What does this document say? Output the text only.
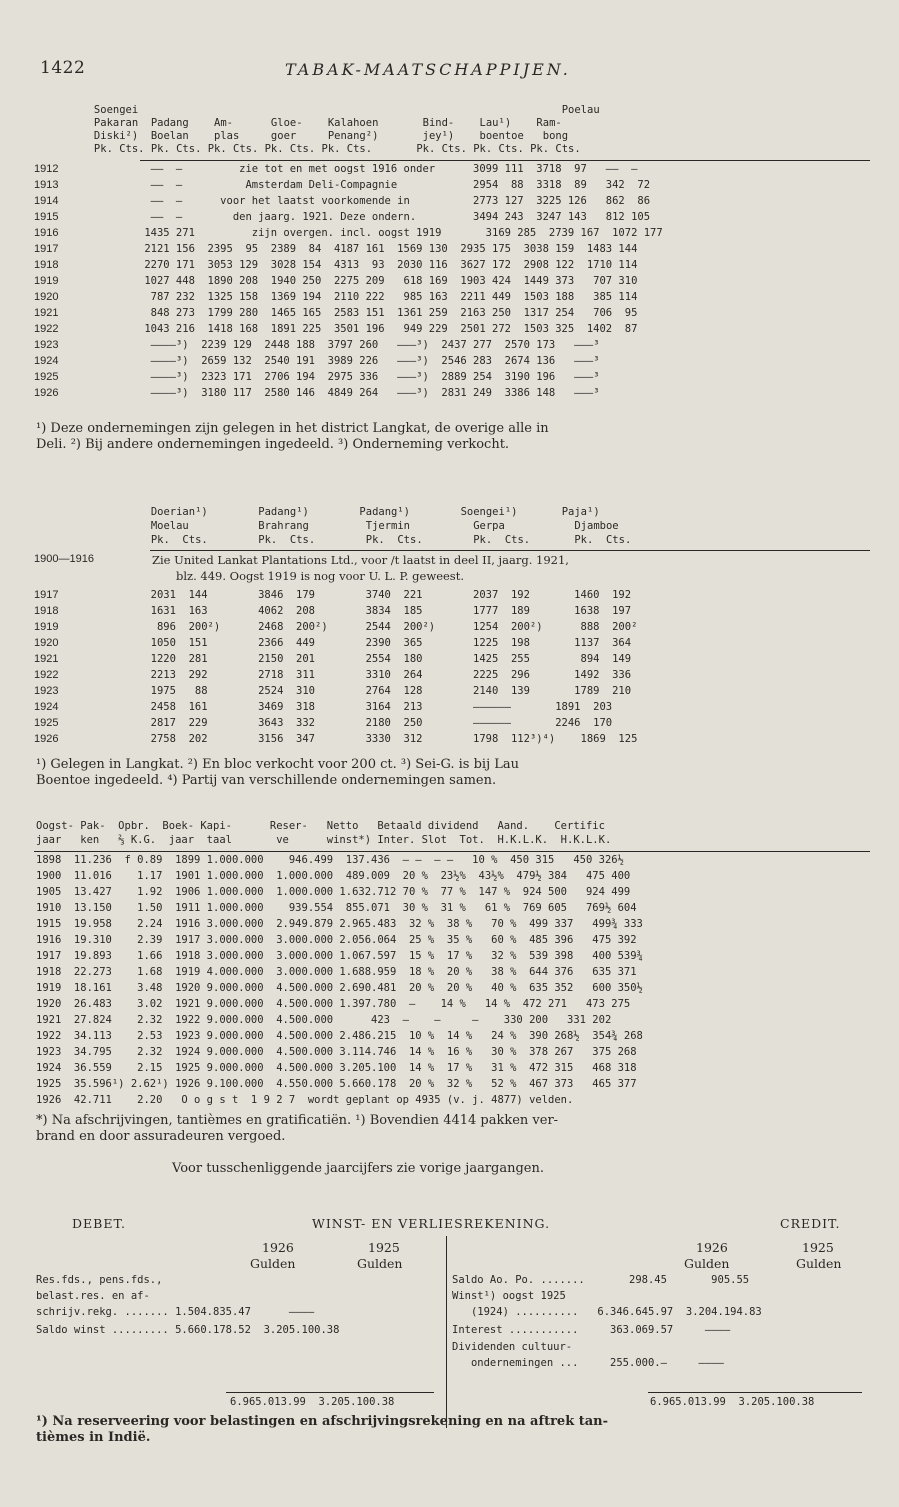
1422	TABAK-MAATSCHAPPIJEN.
Soengei                                                                   Poelau
Pakaran  Padang    Am-      Gloe-    Kalahoen       Bind-    Lau¹)    Ram-
Diski²)  Boelan    plas     goer     Penang²)       jey¹)    boentoe   bong
Pk. Cts. Pk. Cts. Pk. Cts. Pk. Cts. Pk. Cts.       Pk. Cts. Pk. Cts. Pk. Cts.
1912	——  —         zie tot en met oogst 1916 onder      3099 111  3718  97   ——  —
1913	——  —          Amsterdam Deli-Compagnie            2954  88  3318  89   342  72
1914	——  —      voor het laatst voorkomende in          2773 127  3225 126   862  86
1915	——  —        den jaarg. 1921. Deze ondern.         3494 243  3247 143   812 105
1916	1435 271         zijn overgen. incl. oogst 1919       3169 285  2739 167  1072 177
1917	2121 156  2395  95  2389  84  4187 161  1569 130  2935 175  3038 159  1483 144
1918	2270 171  3053 129  3028 154  4313  93  2030 116  3627 172  2908 122  1710 114
1919	1027 448  1890 208  1940 250  2275 209   618 169  1903 424  1449 373   707 310
1920	787 232  1325 158  1369 194  2110 222   985 163  2211 449  1503 188   385 114
1921	848 273  1799 280  1465 165  2583 151  1361 259  2163 250  1317 254   706  95
1922	1043 216  1418 168  1891 225  3501 196   949 229  2501 272  1503 325  1402  87
1923	————³)  2239 129  2448 188  3797 260   ———³)  2437 277  2570 173   ———³
1924	————³)  2659 132  2540 191  3989 226   ———³)  2546 283  2674 136   ———³
1925	————³)  2323 171  2706 194  2975 336   ———³)  2889 254  3190 196   ———³
1926	————³)  3180 117  2580 146  4849 264   ———³)  2831 249  3386 148   ———³
¹) Deze ondernemingen zijn gelegen in het district Langkat, de overige alle in
Deli. ²) Bij andere ondernemingen ingedeeld. ³) Onderneming verkocht.
Doerian¹)        Padang¹)        Padang¹)        Soengei¹)       Paja¹)
Moelau           Brahrang         Tjermin          Gerpa           Djamboe
Pk.  Cts.        Pk.  Cts.        Pk.  Cts.        Pk.  Cts.       Pk.  Cts.
1900—1916	Zie United Lankat Plantations Ltd., voor /t laatst in deel II, jaarg. 1921,
blz. 449. Oogst 1919 is nog voor U. L. P. geweest.
1917	2031  144        3846  179        3740  221        2037  192       1460  192
1918	1631  163        4062  208        3834  185        1777  189       1638  197
1919	896  200²)      2468  200²)      2544  200²)      1254  200²)      888  200²
1920	1050  151        2366  449        2390  365        1225  198       1137  364
1921	1220  281        2150  201        2554  180        1425  255        894  149
1922	2213  292        2718  311        3310  264        2225  296       1492  336
1923	1975   88        2524  310        2764  128        2140  139       1789  210
1924	2458  161        3469  318        3164  213        ——————       1891  203
1925	2817  229        3643  332        2180  250        ——————       2246  170
1926	2758  202        3156  347        3330  312        1798  112³)⁴)    1869  125
¹) Gelegen in Langkat. ²) En bloc verkocht voor 200 ct. ³) Sei-G. is bij Lau
Boentoe ingedeeld. ⁴) Partij van verschillende ondernemingen samen.
Oogst- Pak-  Opbr.  Boek- Kapi-      Reser-   Netto   Betaald dividend   Aand.    Certific
jaar   ken   ⅔ K.G.  jaar  taal       ve      winst*) Inter. Slot  Tot.  H.K.L.K.  H.K.L.K.
1898  11.236  f 0.89  1899 1.000.000    946.499  137.436  — —  — —   10 %  450 315   450 326½
1900  11.016    1.17  1901 1.000.000  1.000.000  489.009  20 %  23½%  43½%  479½ 384   475 400
1905  13.427    1.92  1906 1.000.000  1.000.000 1.632.712 70 %  77 %  147 %  924 500   924 499
1910  13.150    1.50  1911 1.000.000    939.554  855.071  30 %  31 %   61 %  769 605   769½ 604
1915  19.958    2.24  1916 3.000.000  2.949.879 2.965.483  32 %  38 %   70 %  499 337   499¾ 333
1916  19.310    2.39  1917 3.000.000  3.000.000 2.056.064  25 %  35 %   60 %  485 396   475 392
1917  19.893    1.66  1918 3.000.000  3.000.000 1.067.597  15 %  17 %   32 %  539 398   400 539¾
1918  22.273    1.68  1919 4.000.000  3.000.000 1.688.959  18 %  20 %   38 %  644 376   635 371
1919  18.161    3.48  1920 9.000.000  4.500.000 2.690.481  20 %  20 %   40 %  635 352   600 350½
1920  26.483    3.02  1921 9.000.000  4.500.000 1.397.780  —    14 %   14 %  472 271   473 275
1921  27.824    2.32  1922 9.000.000  4.500.000      423  —    —     —    330 200   331 202
1922  34.113    2.53  1923 9.000.000  4.500.000 2.486.215  10 %  14 %   24 %  390 268½  354¾ 268
1923  34.795    2.32  1924 9.000.000  4.500.000 3.114.746  14 %  16 %   30 %  378 267   375 268
1924  36.559    2.15  1925 9.000.000  4.500.000 3.205.100  14 %  17 %   31 %  472 315   468 318
1925  35.596¹) 2.62¹) 1926 9.100.000  4.550.000 5.660.178  20 %  32 %   52 %  467 373   465 377
1926  42.711    2.20   O o g s t  1 9 2 7  wordt geplant op 4935 (v. j. 4877) velden.
*) Na afschrijvingen, tantièmes en gratificatiën. ¹) Bovendien 4414 pakken ver-
brand en door assuradeuren vergoed.
Voor tusschenliggende jaarcijfers zie vorige jaargangen.
DEBET.	WINST- EN VERLIESREKENING.	CREDIT.
1926	1925
Gulden	Gulden
1926	1925
Gulden	Gulden
Res.fds., pens.fds.,
belast.res. en af-
schrijv.rekg. ....... 1.504.835.47      ————
Saldo winst ......... 5.660.178.52  3.205.100.38
Saldo Ao. Po. .......       298.45       905.55
Winst¹) oogst 1925
(1924) ..........   6.346.645.97  3.204.194.83
Interest ...........     363.069.57     ————
Dividenden cultuur-
ondernemingen ...     255.000.—     ————
6.965.013.99  3.205.100.38	6.965.013.99  3.205.100.38
¹) Na reserveering voor belastingen en afschrijvingsrekening en na aftrek tan-
tièmes in Indië.
